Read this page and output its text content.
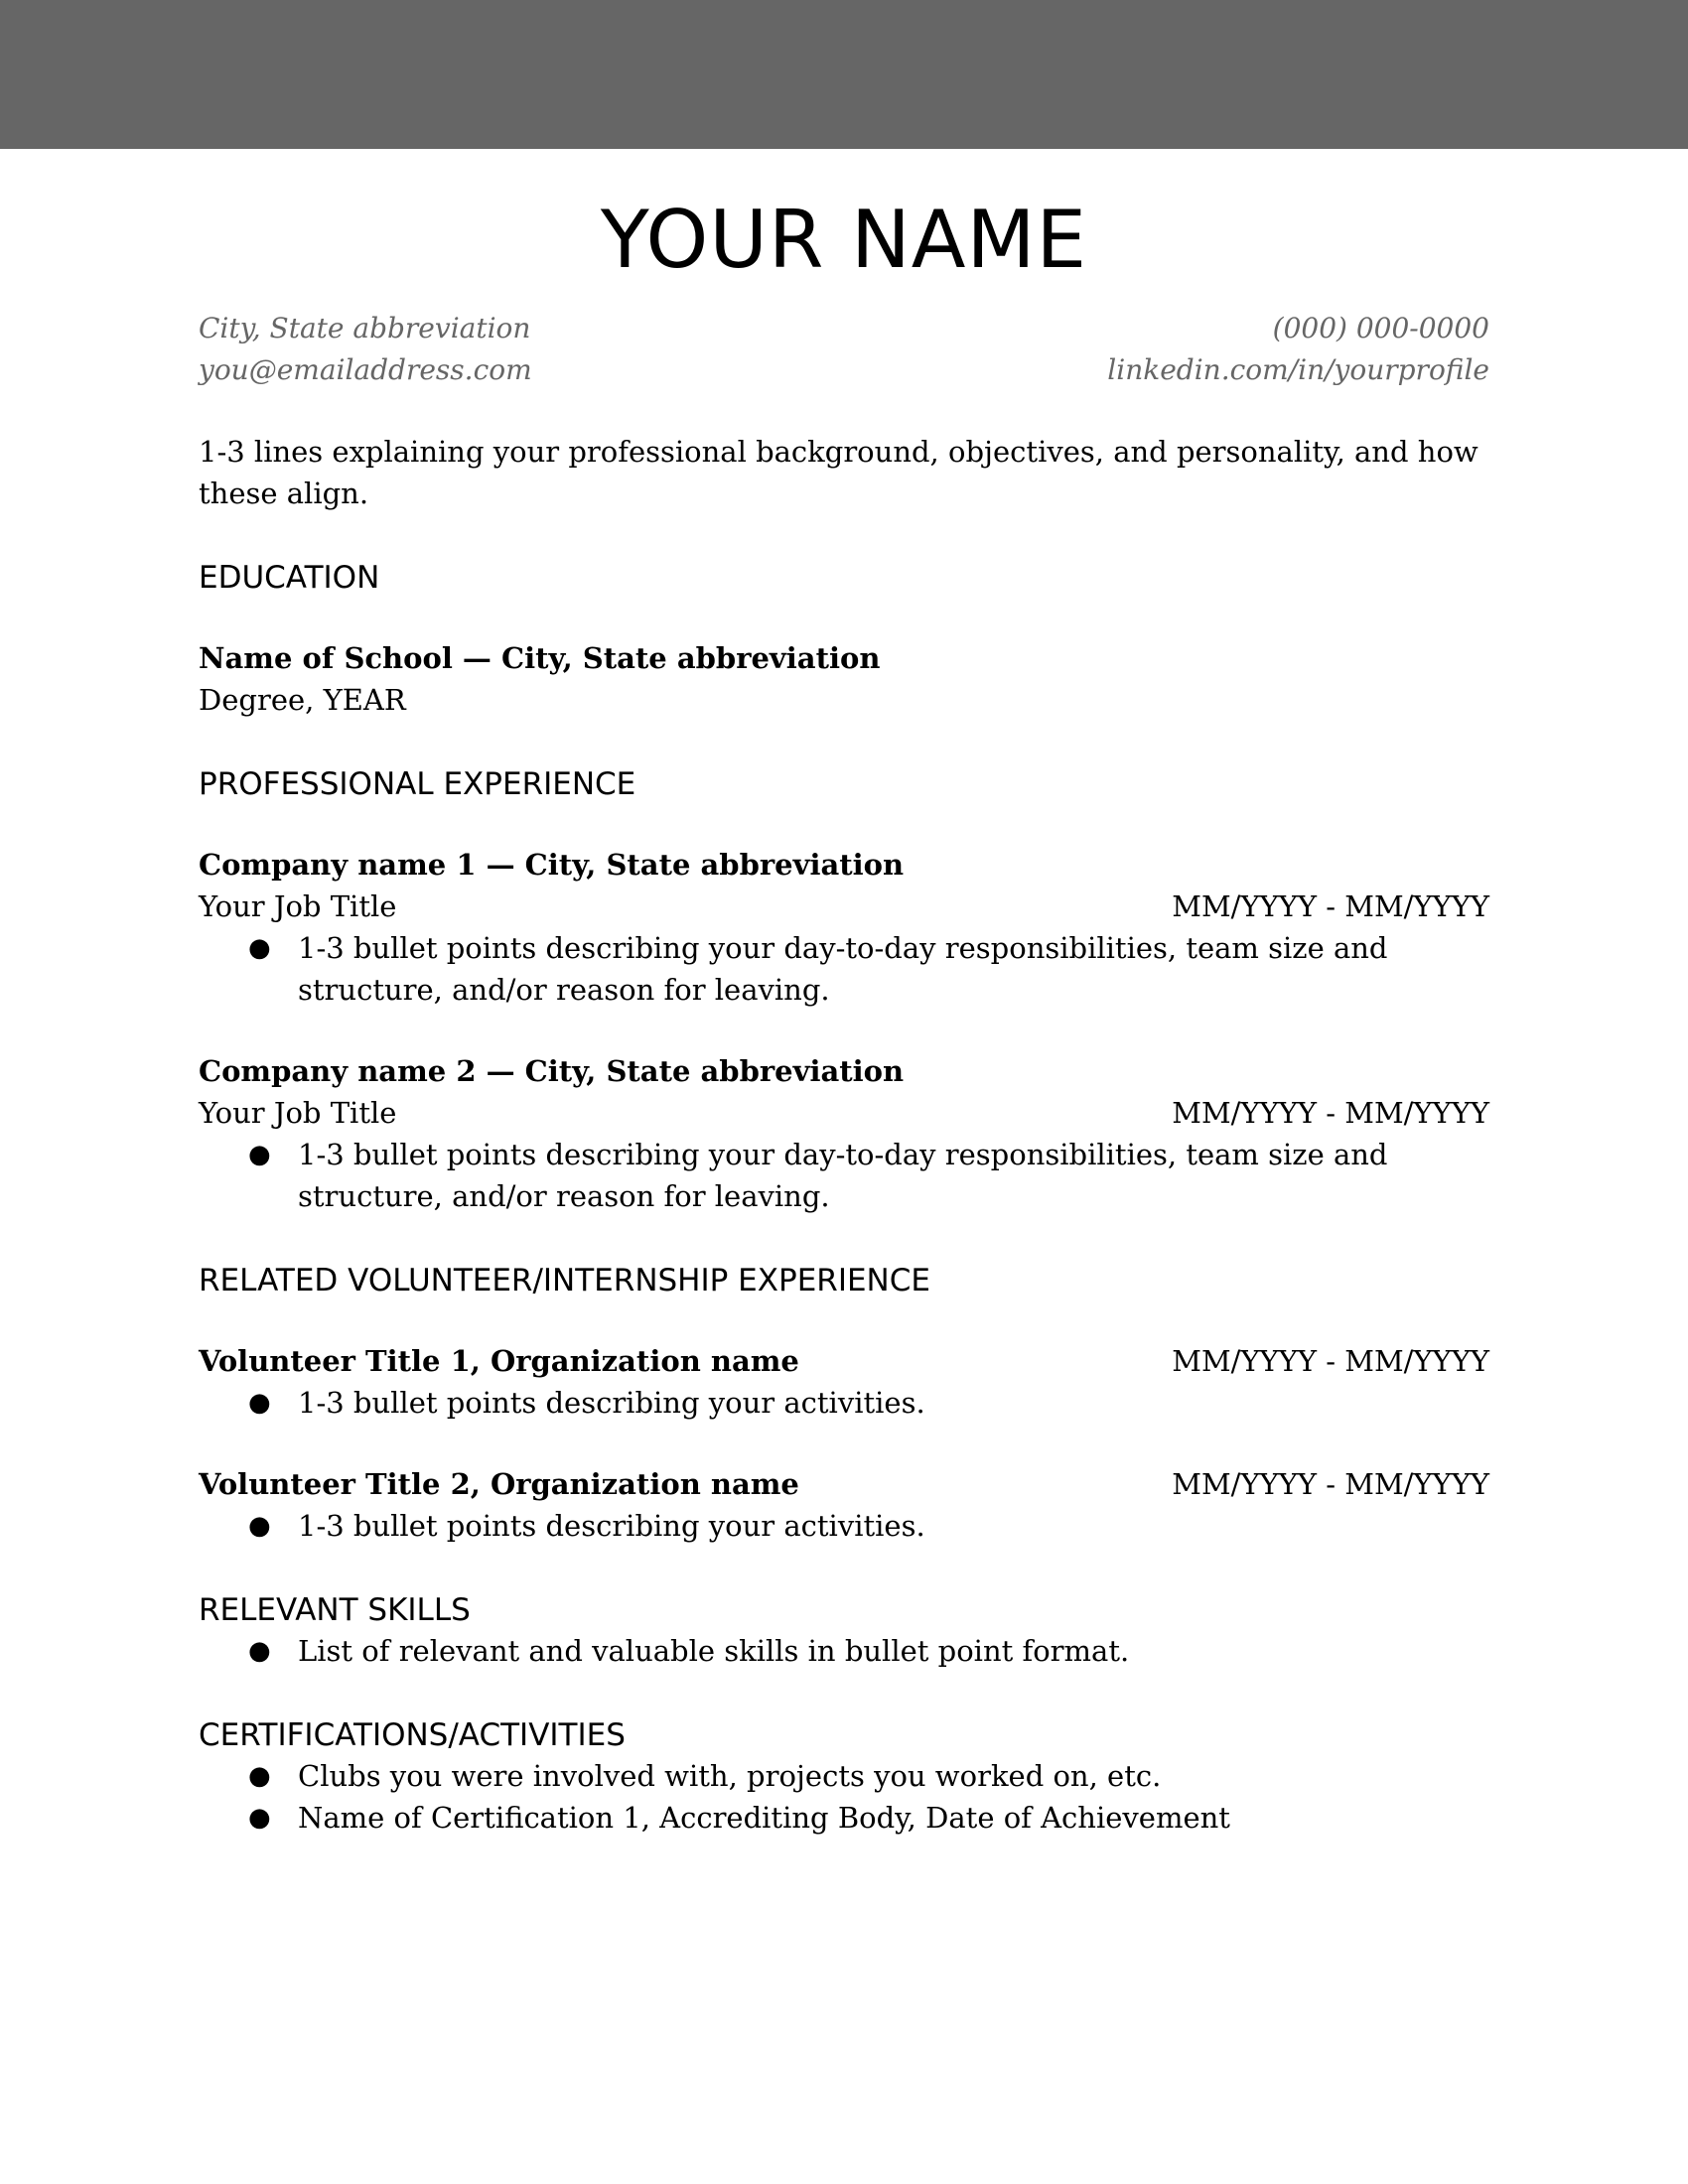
YOUR NAME
City, State abbreviation
you@emailaddress.com
(000) 000-0000
linkedin.com/in/yourprofile
1-3 lines explaining your professional background, objectives, and personality, and how these align.
EDUCATION
Name of School — City, State abbreviation
Degree, YEAR
PROFESSIONAL EXPERIENCE
Company name 1 — City, State abbreviation
Your Job Title	MM/YYYY - MM/YYYY
● 1-3 bullet points describing your day-to-day responsibilities, team size and structure, and/or reason for leaving.
Company name 2 — City, State abbreviation
Your Job Title	MM/YYYY - MM/YYYY
● 1-3 bullet points describing your day-to-day responsibilities, team size and structure, and/or reason for leaving.
RELATED VOLUNTEER/INTERNSHIP EXPERIENCE
Volunteer Title 1, Organization name	MM/YYYY - MM/YYYY
● 1-3 bullet points describing your activities.
Volunteer Title 2, Organization name	MM/YYYY - MM/YYYY
● 1-3 bullet points describing your activities.
RELEVANT SKILLS
● List of relevant and valuable skills in bullet point format.
CERTIFICATIONS/ACTIVITIES
● Clubs you were involved with, projects you worked on, etc.
● Name of Certification 1, Accrediting Body, Date of Achievement
